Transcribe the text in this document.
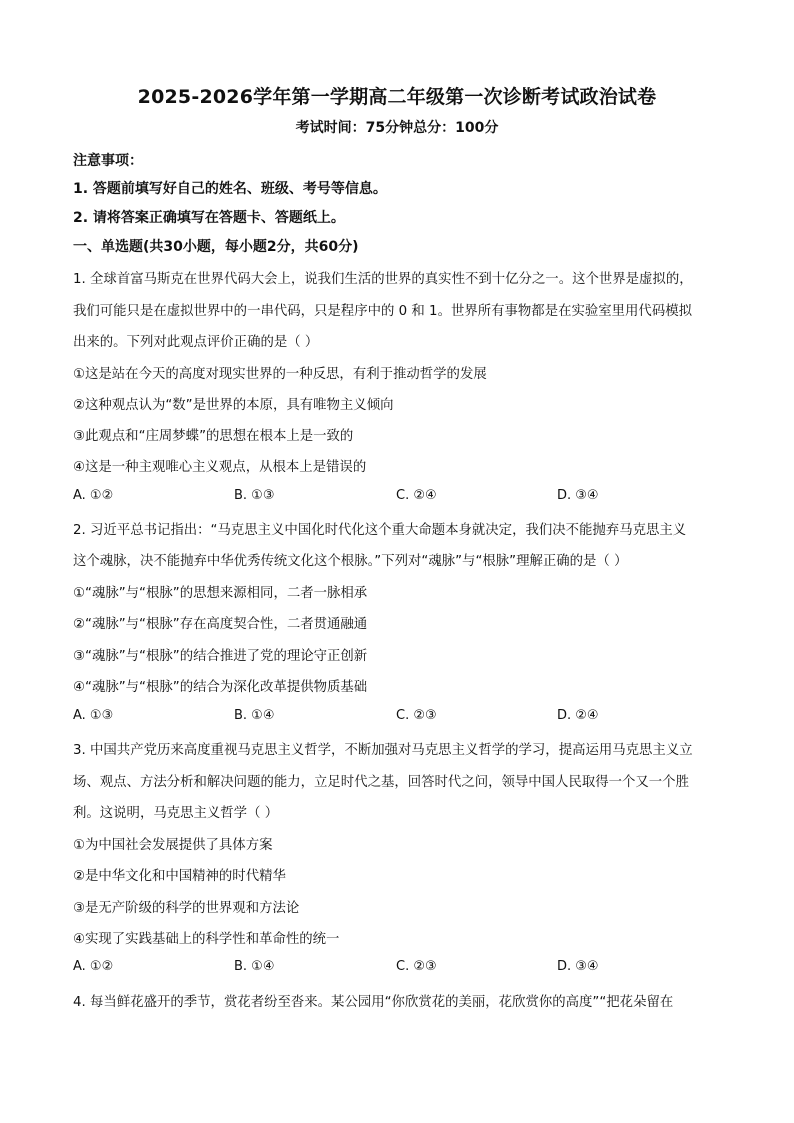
2025-2026学年第一学期高二年级第一次诊断考试政治试卷
考试时间：75分钟总分：100分
注意事项：
1. 答题前填写好自己的姓名、班级、考号等信息。
2. 请将答案正确填写在答题卡、答题纸上。
一、单选题(共30小题，每小题2分，共60分)
1. 全球首富马斯克在世界代码大会上，说我们生活的世界的真实性不到十亿分之一。这个世界是虚拟的，
我们可能只是在虚拟世界中的一串代码，只是程序中的 0 和 1。世界所有事物都是在实验室里用代码模拟
出来的。下列对此观点评价正确的是（ ）
①这是站在今天的高度对现实世界的一种反思，有利于推动哲学的发展
②这种观点认为“数”是世界的本原，具有唯物主义倾向
③此观点和“庄周梦蝶”的思想在根本上是一致的
④这是一种主观唯心主义观点，从根本上是错误的
A. ①②	B. ①③	C. ②④	D. ③④
2. 习近平总书记指出：“马克思主义中国化时代化这个重大命题本身就决定，我们决不能抛弃马克思主义
这个魂脉，决不能抛弃中华优秀传统文化这个根脉。”下列对“魂脉”与“根脉”理解正确的是（ ）
①“魂脉”与“根脉”的思想来源相同，二者一脉相承
②“魂脉”与“根脉”存在高度契合性，二者贯通融通
③“魂脉”与“根脉”的结合推进了党的理论守正创新
④“魂脉”与“根脉”的结合为深化改革提供物质基础
A. ①③	B. ①④	C. ②③	D. ②④
3. 中国共产党历来高度重视马克思主义哲学，不断加强对马克思主义哲学的学习，提高运用马克思主义立
场、观点、方法分析和解决问题的能力，立足时代之基，回答时代之问，领导中国人民取得一个又一个胜
利。这说明，马克思主义哲学（ ）
①为中国社会发展提供了具体方案
②是中华文化和中国精神的时代精华
③是无产阶级的科学的世界观和方法论
④实现了实践基础上的科学性和革命性的统一
A. ①②	B. ①④	C. ②③	D. ③④
4. 每当鲜花盛开的季节，赏花者纷至沓来。某公园用“你欣赏花的美丽，花欣赏你的高度”“把花朵留在
